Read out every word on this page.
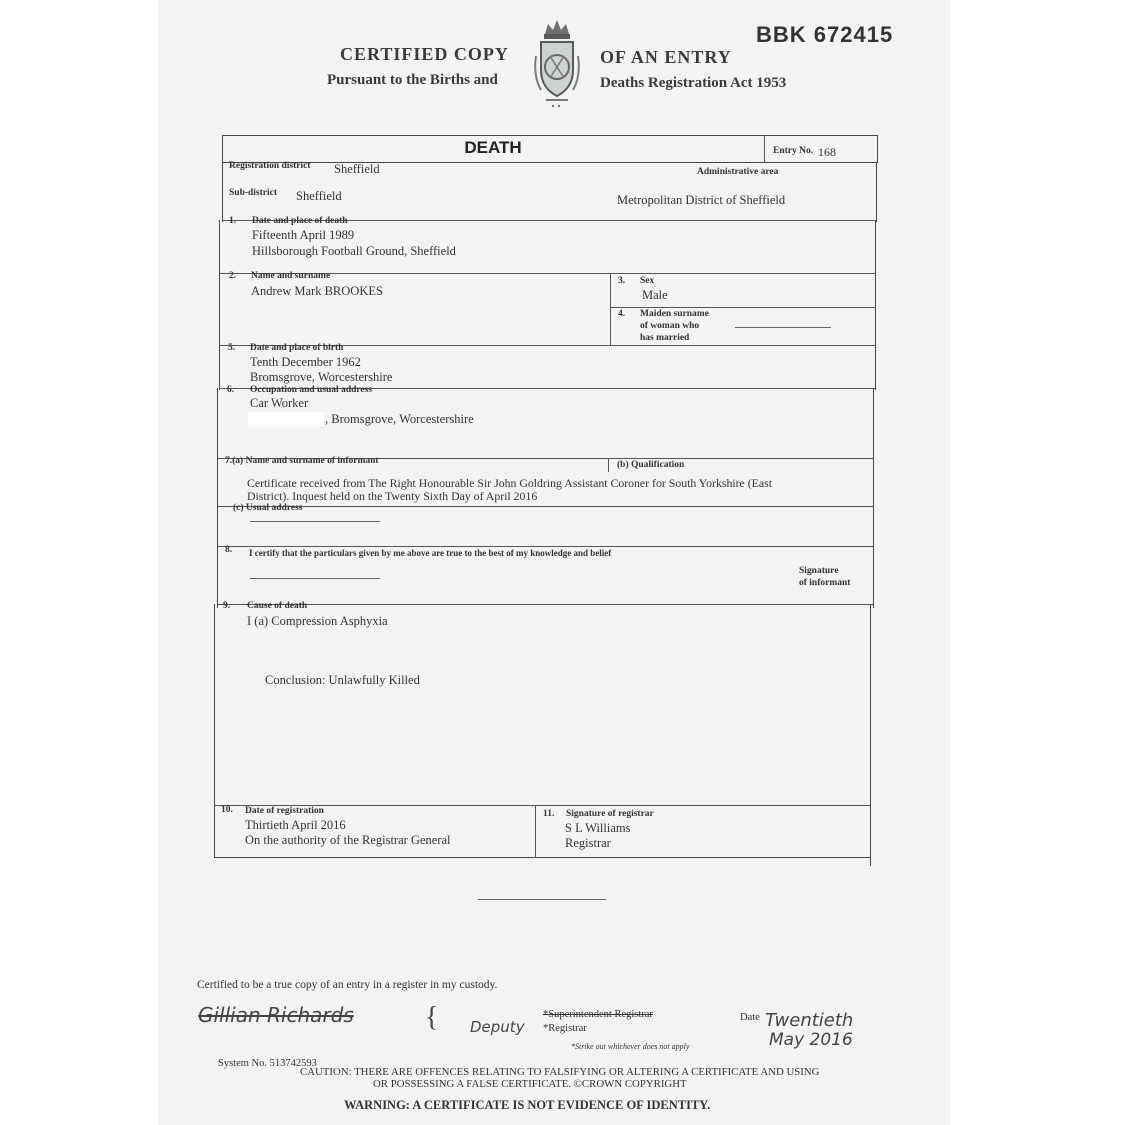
BBK 672415
CERTIFIED COPY	OF AN ENTRY
Pursuant to the Births and	Deaths Registration Act 1953
DEATH	Entry No. 168
Registration district Sheffield	Administrative area
Sub-district Sheffield	Metropolitan District of Sheffield
1. Date and place of death
Fifteenth April 1989
Hillsborough Football Ground, Sheffield
2. Name and surname
Andrew Mark BROOKES
3. Sex
Male
4. Maiden surname
of woman who
has married
5. Date and place of birth
Tenth December 1962
Bromsgrove, Worcestershire
6. Occupation and usual address
Car Worker
, Bromsgrove, Worcestershire
7.(a) Name and surname of informant	(b) Qualification
Certificate received from The Right Honourable Sir John Goldring Assistant Coroner for South Yorkshire (East
District). Inquest held on the Twenty Sixth Day of April 2016
(c) Usual address
8. I certify that the particulars given by me above are true to the best of my knowledge and belief
Signature
of informant
9. Cause of death
I (a) Compression Asphyxia
Conclusion: Unlawfully Killed
10. Date of registration
Thirtieth April 2016
On the authority of the Registrar General
11. Signature of registrar
S L Williams
Registrar
Certified to be a true copy of an entry in a register in my custody.
Gillian Richards	{ Deputy
*Superintendent Registrar
*Registrar
*Strike out whichever does not apply
Date Twentieth
May 2016
System No. 513742593
CAUTION: THERE ARE OFFENCES RELATING TO FALSIFYING OR ALTERING A CERTIFICATE AND USING
OR POSSESSING A FALSE CERTIFICATE. ©CROWN COPYRIGHT
WARNING: A CERTIFICATE IS NOT EVIDENCE OF IDENTITY.
